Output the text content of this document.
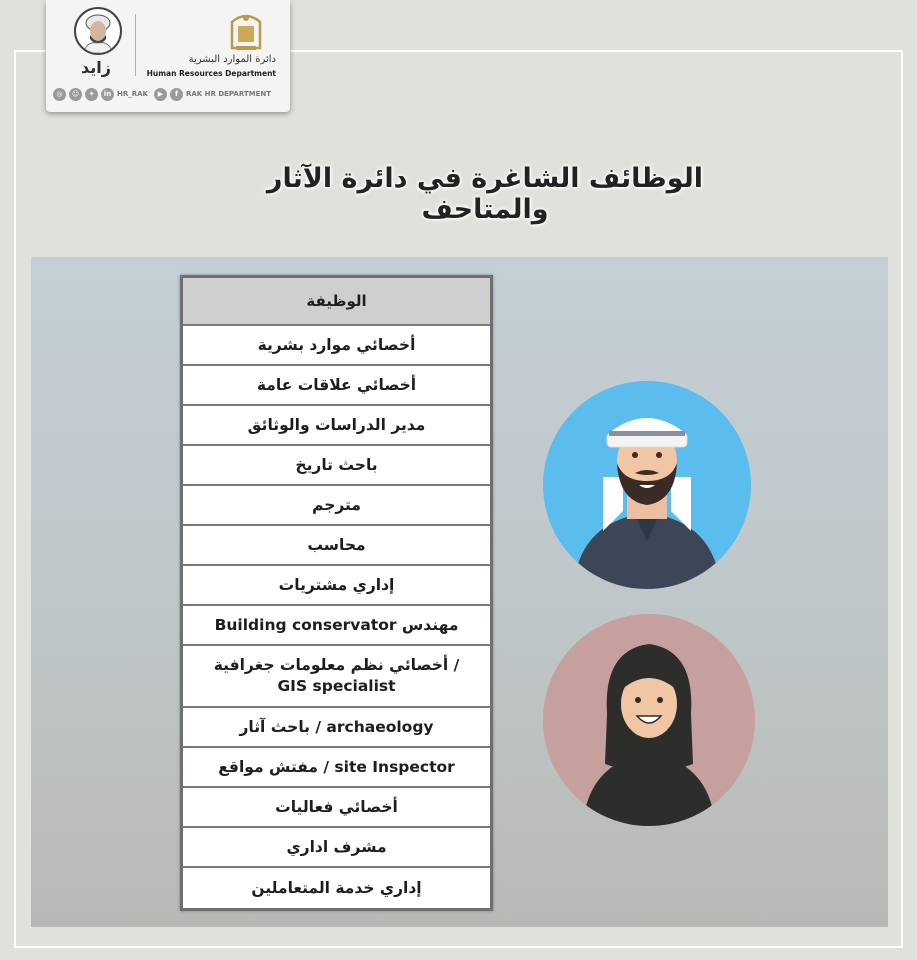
زايد	دائرة الموارد البشرية
Human Resources Department
◎	☺	✦	in HR_RAK	▶	f	RAK HR DEPARTMENT
الوظائف الشاغرة في دائرة الآثار والمتاحف
الوظيفة
أخصائي موارد بشرية
أخصائي علاقات عامة
مدير الدراسات والوثائق
باحث تاريخ
مترجم
محاسب
إداري مشتريات
مهندس Building conservator
/ أخصائي نظم معلومات جغرافية
GIS specialist
archaeology / باحث آثار
site Inspector / مفتش مواقع
أخصائي فعاليات
مشرف اداري
إداري خدمة المتعاملين
